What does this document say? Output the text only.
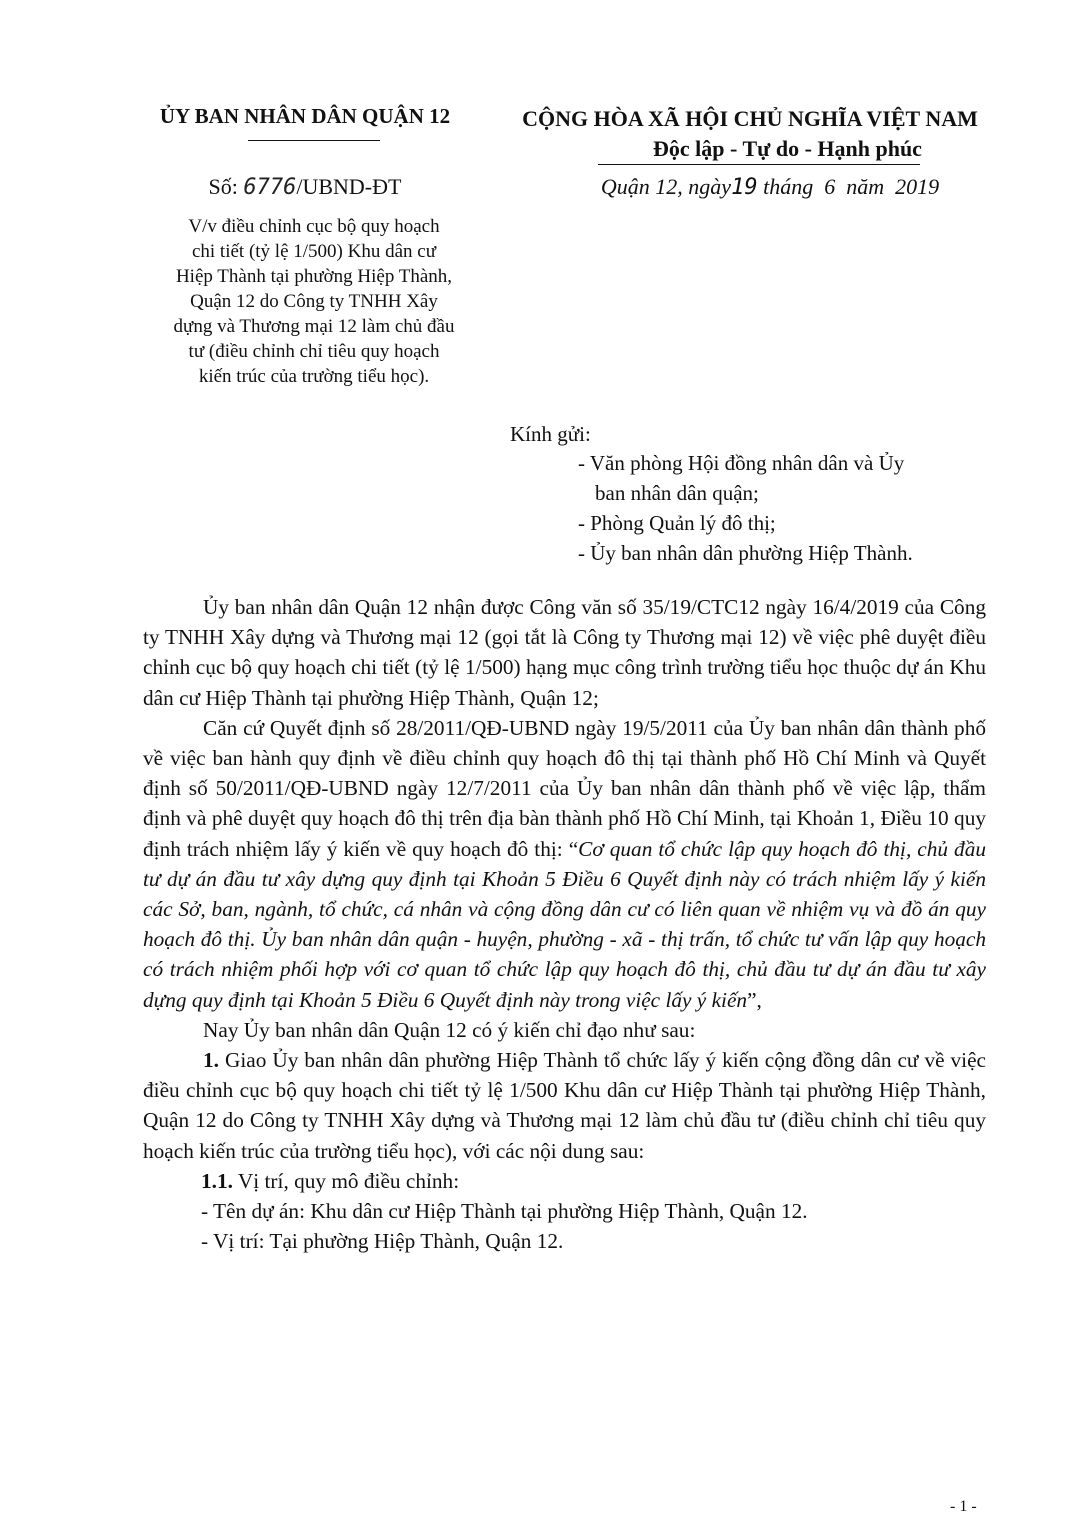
ỦY BAN NHÂN DÂN QUẬN 12	CỘNG HÒA XÃ HỘI CHỦ NGHĨA VIỆT NAM
Độc lập - Tự do - Hạnh phúc
Số: 6776/UBND-ĐT	Quận 12, ngày19 tháng  6  năm  2019
V/v điều chỉnh cục bộ quy hoạch
chi tiết (tỷ lệ 1/500) Khu dân cư
Hiệp Thành tại phường Hiệp Thành,
Quận 12 do Công ty TNHH Xây
dựng và Thương mại 12 làm chủ đầu
tư (điều chỉnh chỉ tiêu quy hoạch
kiến trúc của trường tiểu học).
Kính gửi:
- Văn phòng Hội đồng nhân dân và Ủy
ban nhân dân quận;
- Phòng Quản lý đô thị;
- Ủy ban nhân dân phường Hiệp Thành.

Ủy ban nhân dân Quận 12 nhận được Công văn số 35/19/CTC12 ngày 16/4/2019 của Công ty TNHH Xây dựng và Thương mại 12 (gọi tắt là Công ty Thương mại 12) về việc phê duyệt điều chỉnh cục bộ quy hoạch chi tiết (tỷ lệ 1/500) hạng mục công trình trường tiểu học thuộc dự án Khu dân cư Hiệp Thành tại phường Hiệp Thành, Quận 12;

Căn cứ Quyết định số 28/2011/QĐ-UBND ngày 19/5/2011 của Ủy ban nhân dân thành phố về việc ban hành quy định về điều chỉnh quy hoạch đô thị tại thành phố Hồ Chí Minh và Quyết định số 50/2011/QĐ-UBND ngày 12/7/2011 của Ủy ban nhân dân thành phố về việc lập, thẩm định và phê duyệt quy hoạch đô thị trên địa bàn thành phố Hồ Chí Minh, tại Khoản 1, Điều 10 quy định trách nhiệm lấy ý kiến về quy hoạch đô thị: “Cơ quan tổ chức lập quy hoạch đô thị, chủ đầu tư dự án đầu tư xây dựng quy định tại Khoản 5 Điều 6 Quyết định này có trách nhiệm lấy ý kiến các Sở, ban, ngành, tổ chức, cá nhân và cộng đồng dân cư có liên quan về nhiệm vụ và đồ án quy hoạch đô thị. Ủy ban nhân dân quận - huyện, phường - xã - thị trấn, tổ chức tư vấn lập quy hoạch có trách nhiệm phối hợp với cơ quan tổ chức lập quy hoạch đô thị, chủ đầu tư dự án đầu tư xây dựng quy định tại Khoản 5 Điều 6 Quyết định này trong việc lấy ý kiến”,

Nay Ủy ban nhân dân Quận 12 có ý kiến chỉ đạo như sau:

1. Giao Ủy ban nhân dân phường Hiệp Thành tổ chức lấy ý kiến cộng đồng dân cư về việc điều chỉnh cục bộ quy hoạch chi tiết tỷ lệ 1/500 Khu dân cư Hiệp Thành tại phường Hiệp Thành, Quận 12 do Công ty TNHH Xây dựng và Thương mại 12 làm chủ đầu tư (điều chỉnh chỉ tiêu quy hoạch kiến trúc của trường tiểu học), với các nội dung sau:

1.1. Vị trí, quy mô điều chỉnh:

- Tên dự án: Khu dân cư Hiệp Thành tại phường Hiệp Thành, Quận 12.

- Vị trí: Tại phường Hiệp Thành, Quận 12.

- 1 -
